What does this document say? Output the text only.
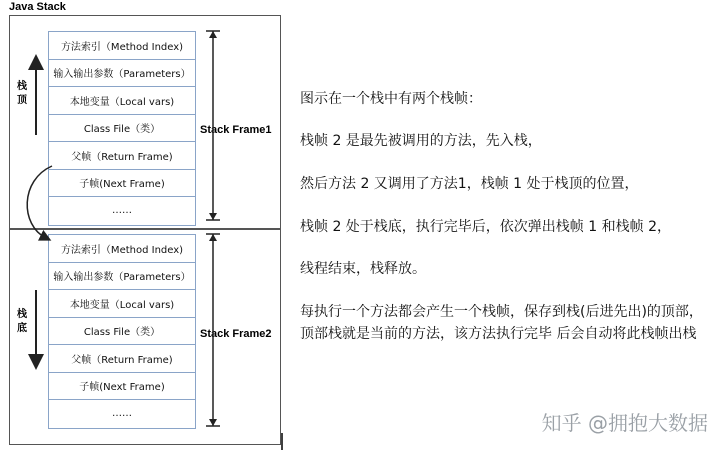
Java Stack
方法索引（Method Index)
输入输出参数（Parameters）
本地变量（Local vars)
Class File（类）
父帧（Return Frame)
子帧(Next Frame)
……
方法索引（Method Index)
输入输出参数（Parameters）
本地变量（Local vars)
Class File（类）
父帧（Return Frame)
子帧(Next Frame)
……
Stack Frame1
Stack Frame2
栈顶
栈底
图示在一个栈中有两个栈帧：
栈帧 2 是最先被调用的方法，先入栈，
然后方法 2 又调用了方法1，栈帧 1 处于栈顶的位置，
栈帧 2 处于栈底，执行完毕后，依次弹出栈帧 1 和栈帧 2，
线程结束，栈释放。
每执行一个方法都会产生一个栈帧，保存到栈(后进先出)的顶部，顶部栈就是当前的方法，该方法执行完毕 后会自动将此栈帧出栈
知乎 @拥抱大数据
